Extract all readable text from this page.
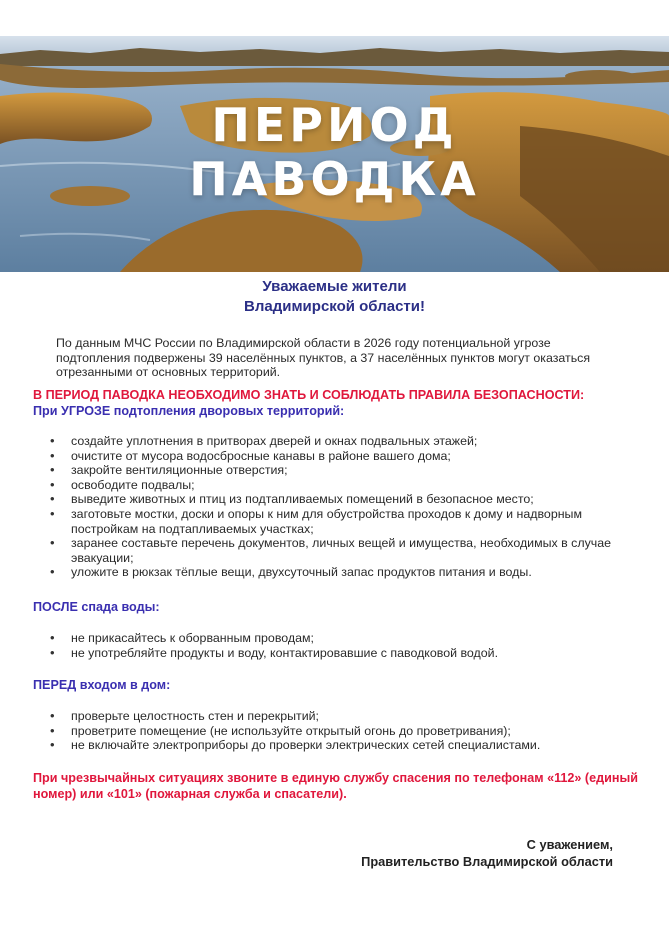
ПЕРИОД
ПАВОДКА
Уважаемые жители
Владимирской области!

По данным МЧС России по Владимирской области в 2026 году потенциальной угрозе подтопления подвержены 39 населённых пунктов, а 37 населённых пунктов могут оказаться отрезанными от основных территорий.

В ПЕРИОД ПАВОДКА НЕОБХОДИМО ЗНАТЬ И СОБЛЮДАТЬ ПРАВИЛА БЕЗОПАСНОСТИ:

При УГРОЗЕ подтопления дворовых территорий:

• создайте уплотнения в притворах дверей и окнах подвальных этажей;
• очистите от мусора водосбросные канавы в районе вашего дома;
• закройте вентиляционные отверстия;
• освободите подвалы;
• выведите животных и птиц из подтапливаемых помещений в безопасное место;
• заготовьте мостки, доски и опоры к ним для обустройства проходов к дому и надворным постройкам на подтапливаемых участках;
• заранее составьте перечень документов, личных вещей и имущества, необходимых в случае эвакуации;
• уложите в рюкзак тёплые вещи, двухсуточный запас продуктов питания и воды.

ПОСЛЕ спада воды:

• не прикасайтесь к оборванным проводам;
• не употребляйте продукты и воду, контактировавшие с паводковой водой.

ПЕРЕД входом в дом:

• проверьте целостность стен и перекрытий;
• проветрите помещение (не используйте открытый огонь до проветривания);
• не включайте электроприборы до проверки электрических сетей специалистами.

При чрезвычайных ситуациях звоните в единую службу спасения по телефонам «112» (единый номер) или «101» (пожарная служба и спасатели).

С уважением,
Правительство Владимирской области
